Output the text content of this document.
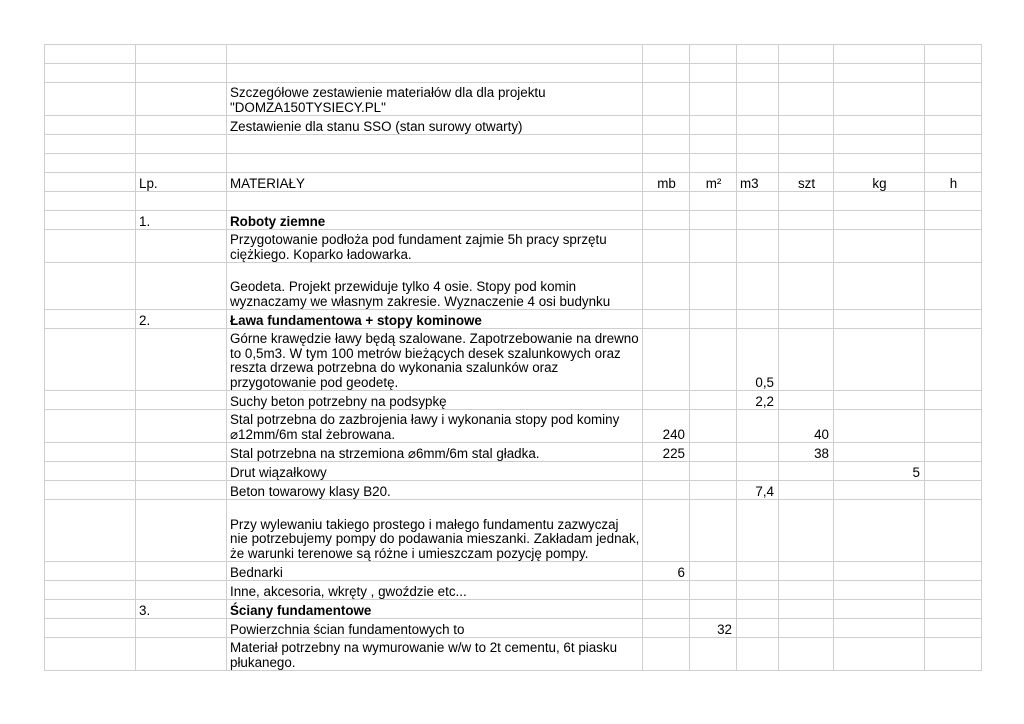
		Szczegółowe zestawienie materiałów dla dla projektu "DOMZA150TYSIECY.PL"						
		Zestawienie dla stanu SSO (stan surowy otwarty)						

	Lp.	MATERIAŁY	mb	m²	m3	szt	kg	h

	1.	Roboty ziemne						
		Przygotowanie podłoża pod fundament zajmie 5h pracy sprzętu ciężkiego. Koparko ładowarka.						
		Geodeta. Projekt przewiduje tylko 4 osie. Stopy pod komin wyznaczamy we własnym zakresie. Wyznaczenie 4 osi budynku						
	2.	Ława fundamentowa + stopy kominowe						
		Górne krawędzie ławy będą szalowane. Zapotrzebowanie na drewno to 0,5m3. W tym 100 metrów bieżących desek szalunkowych oraz reszta drzewa potrzebna do wykonania szalunków oraz przygotowanie pod geodetę.			0,5			
		Suchy beton potrzebny na podsypkę			2,2			
		Stal potrzebna do zazbrojenia ławy i wykonania stopy pod kominy ⌀12mm/6m stal żebrowana.	240			40		
		Stal potrzebna na strzemiona ⌀6mm/6m stal gładka.	225			38		
		Drut wiązałkowy					5	
		Beton towarowy klasy B20.			7,4			
		Przy wylewaniu takiego prostego i małego fundamentu zazwyczaj nie potrzebujemy pompy do podawania mieszanki. Zakładam jednak, że warunki terenowe są różne i umieszczam pozycję pompy.						
		Bednarki	6					
		Inne, akcesoria, wkręty , gwoździe etc...						
	3.	Ściany fundamentowe						
		Powierzchnia ścian fundamentowych to		32				
		Materiał potrzebny na wymurowanie w/w to 2t cementu, 6t piasku płukanego.						
